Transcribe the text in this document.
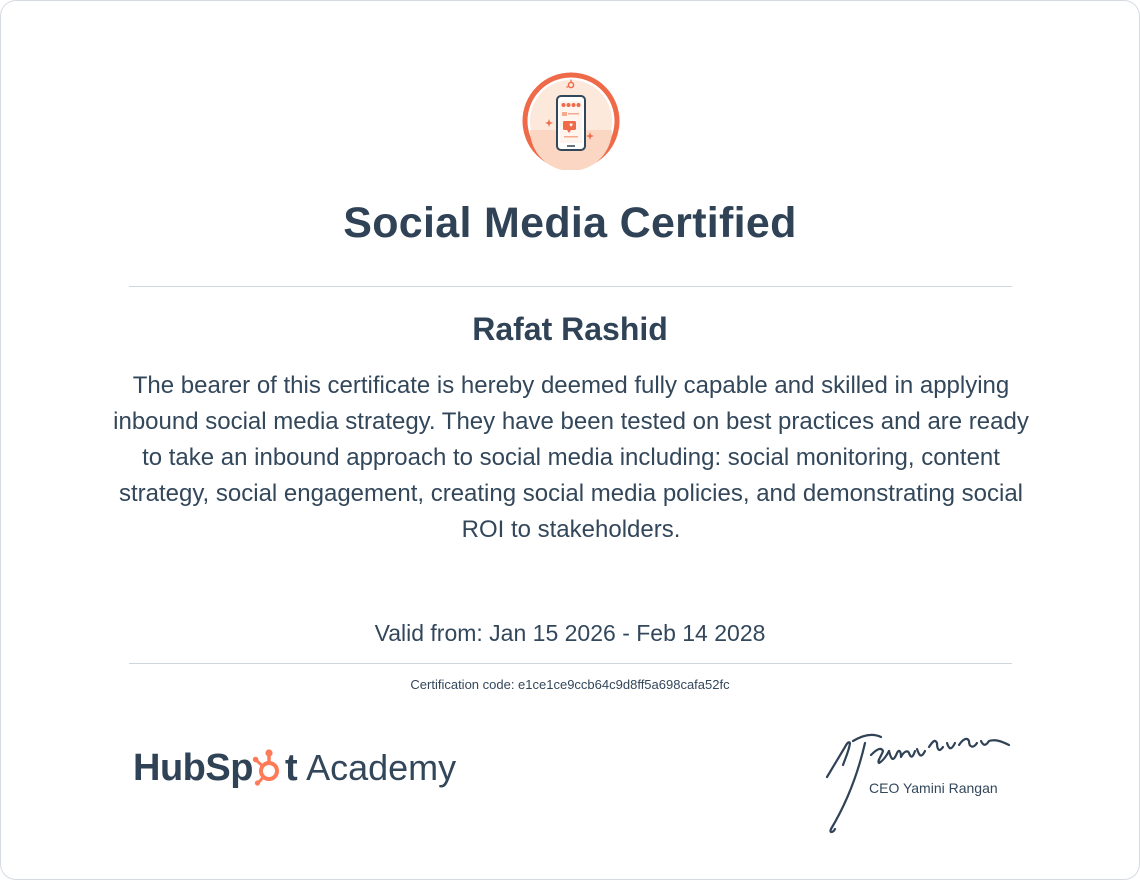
Social Media Certified
Rafat Rashid

The bearer of this certificate is hereby deemed fully capable and skilled in applying inbound social media strategy. They have been tested on best practices and are ready to take an inbound approach to social media including: social monitoring, content strategy, social engagement, creating social media policies, and demonstrating social ROI to stakeholders.

Valid from: Jan 15 2026 - Feb 14 2028
Certification code: e1ce1ce9ccb64c9d8ff5a698cafa52fc
HubSp t Academy	CEO Yamini Rangan
